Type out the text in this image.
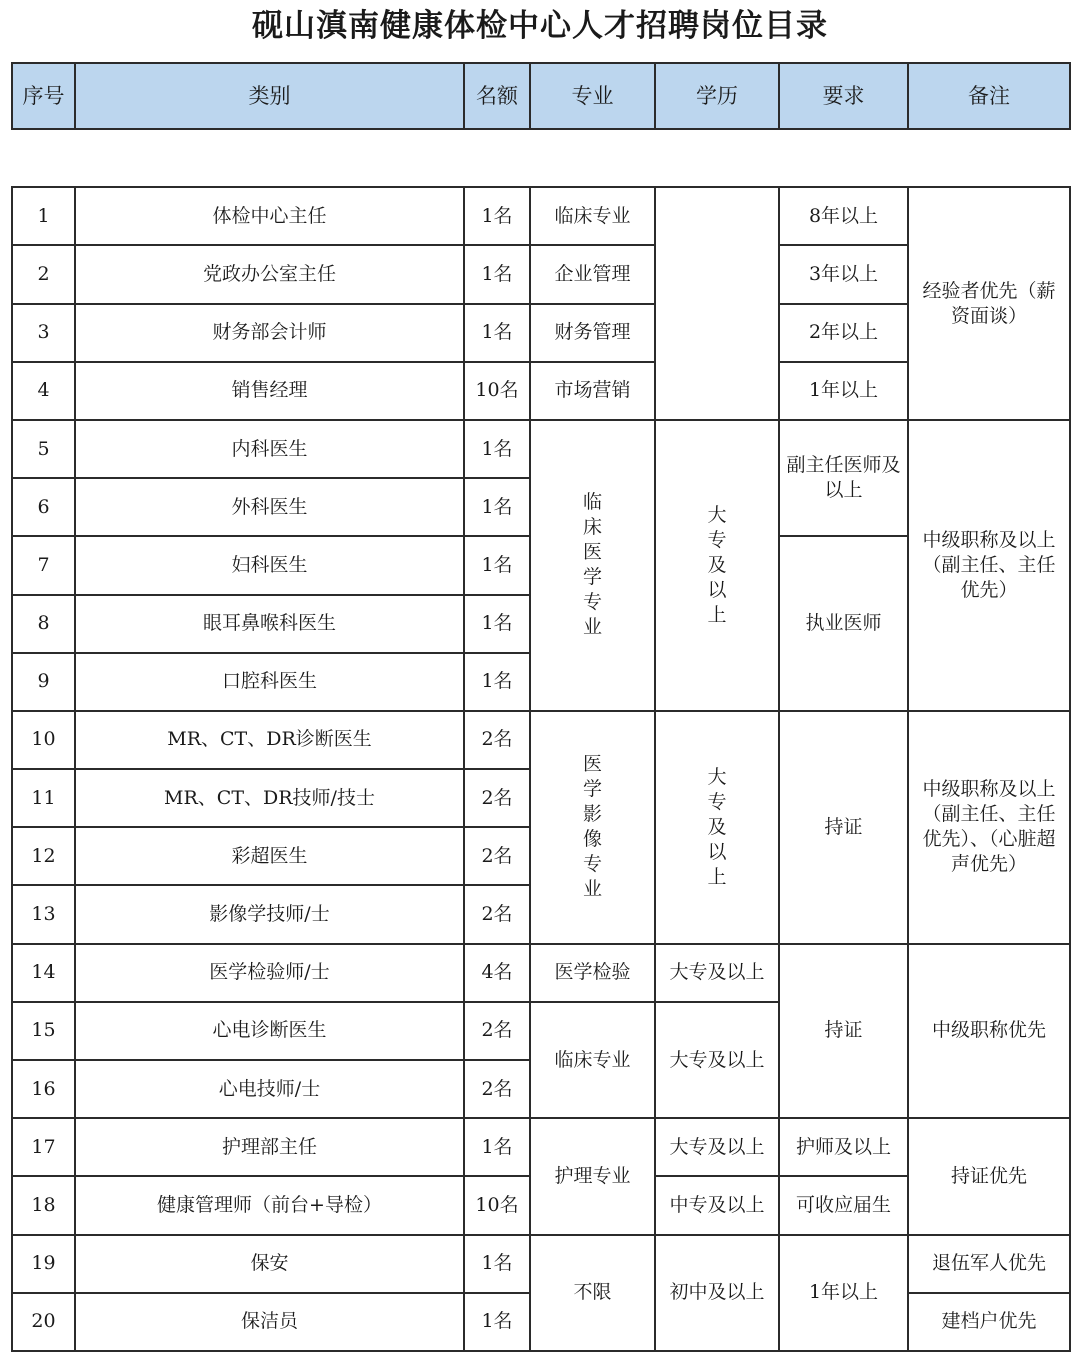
砚山滇南健康体检中心人才招聘岗位目录
序号	类别	名额	专业	学历	要求	备注

1	体检中心主任	1名	临床专业		8年以上	经验者优先（薪资面谈）
2	党政办公室主任	1名	企业管理		3年以上	
3	财务部会计师	1名	财务管理		2年以上	
4	销售经理	10名	市场营销		1年以上	
5	内科医生	1名	临床医学专业	大专及以上	副主任医师及以上	中级职称及以上（副主任、主任优先）
6	外科医生	1名				
7	妇科医生	1名			执业医师	
8	眼耳鼻喉科医生	1名				
9	口腔科医生	1名				
10	MR、CT、DR诊断医生	2名	医学影像专业	大专及以上	持证	中级职称及以上（副主任、主任优先）、（心脏超声优先）
11	MR、CT、DR技师/技士	2名				
12	彩超医生	2名				
13	影像学技师/士	2名				
14	医学检验师/士	4名	医学检验	大专及以上	持证	中级职称优先
15	心电诊断医生	2名	临床专业	大专及以上		
16	心电技师/士	2名				
17	护理部主任	1名	护理专业	大专及以上	护师及以上	持证优先
18	健康管理师（前台+导检）	10名		中专及以上	可收应届生	
19	保安	1名	不限	初中及以上	1年以上	退伍军人优先
20	保洁员	1名				建档户优先
